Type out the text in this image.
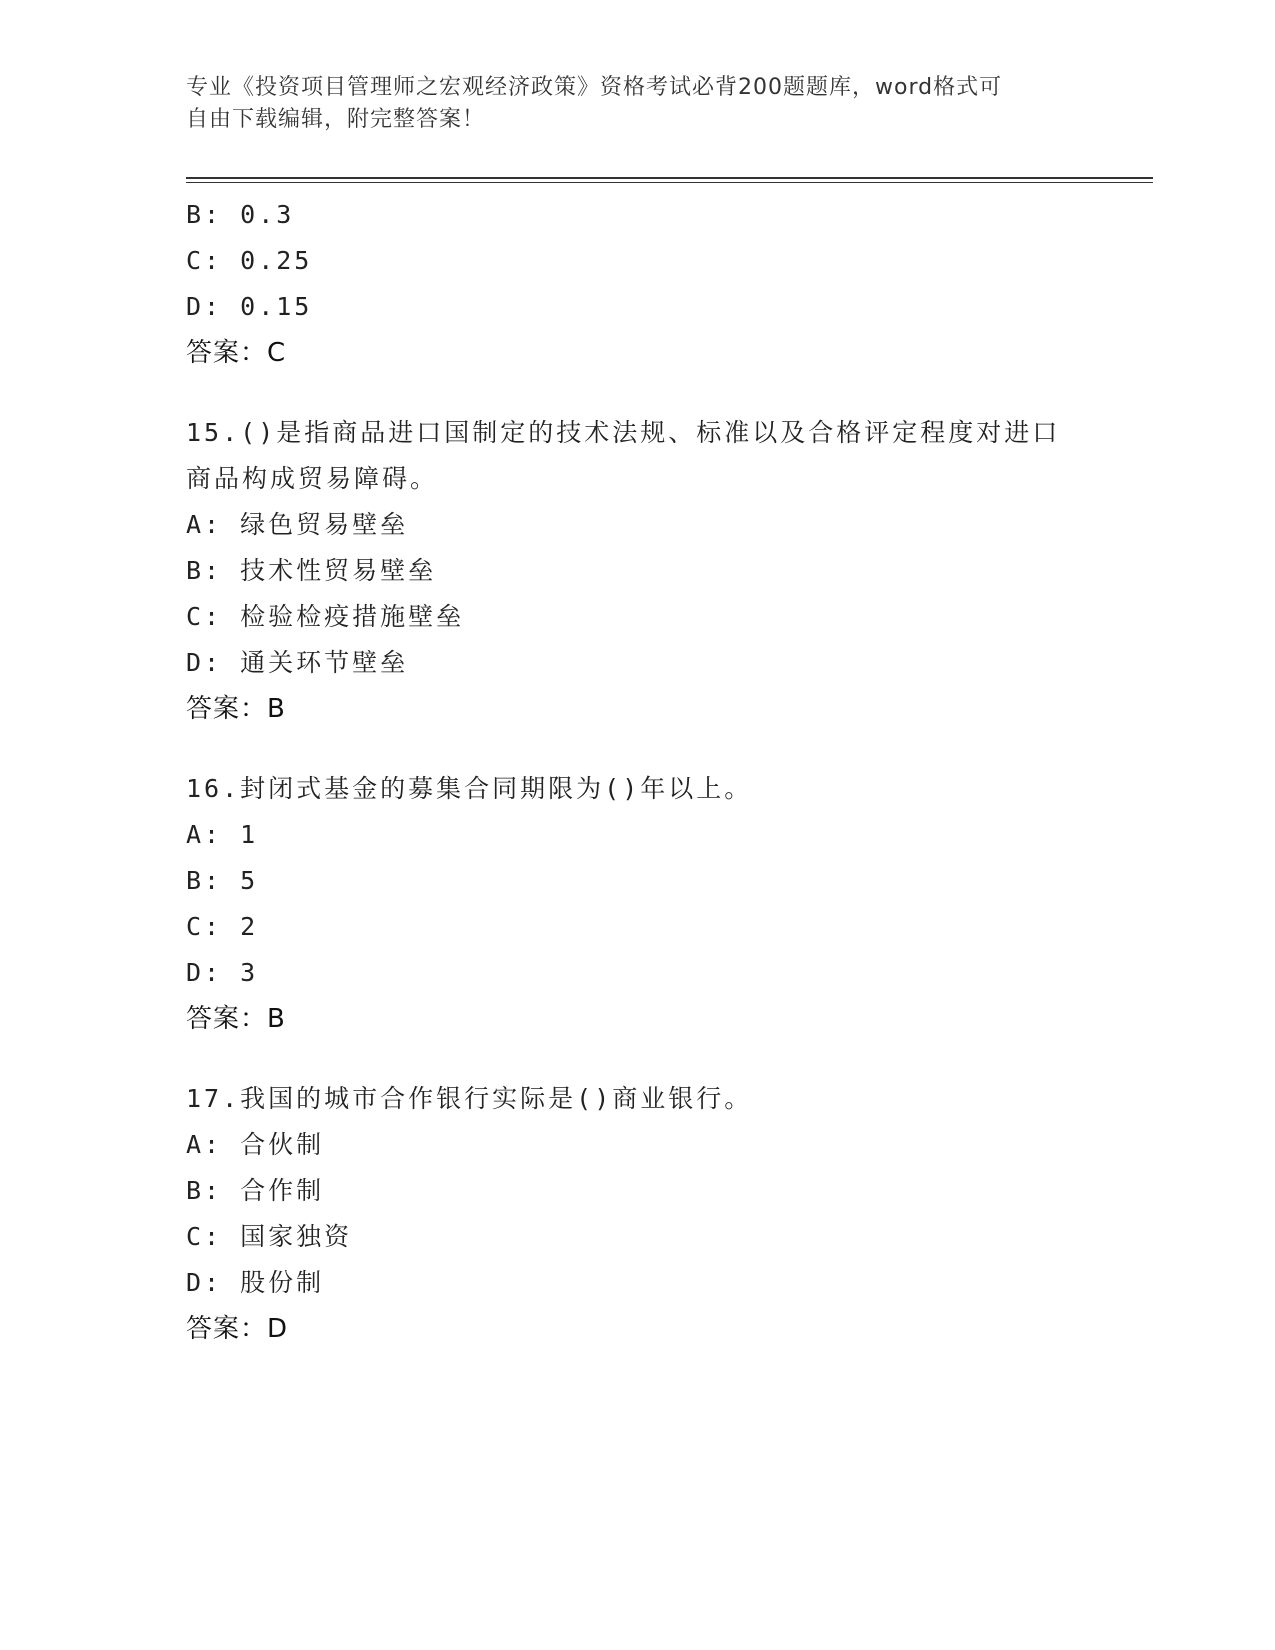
专业《投资项目管理师之宏观经济政策》资格考试必背200题题库，word格式可
自由下载编辑，附完整答案！
B: 0.3
C: 0.25
D: 0.15
答案：C
15.()是指商品进口国制定的技术法规、标准以及合格评定程度对进口
商品构成贸易障碍。
A: 绿色贸易壁垒
B: 技术性贸易壁垒
C: 检验检疫措施壁垒
D: 通关环节壁垒
答案：B
16.封闭式基金的募集合同期限为()年以上。
A: 1
B: 5
C: 2
D: 3
答案：B
17.我国的城市合作银行实际是()商业银行。
A: 合伙制
B: 合作制
C: 国家独资
D: 股份制
答案：D
